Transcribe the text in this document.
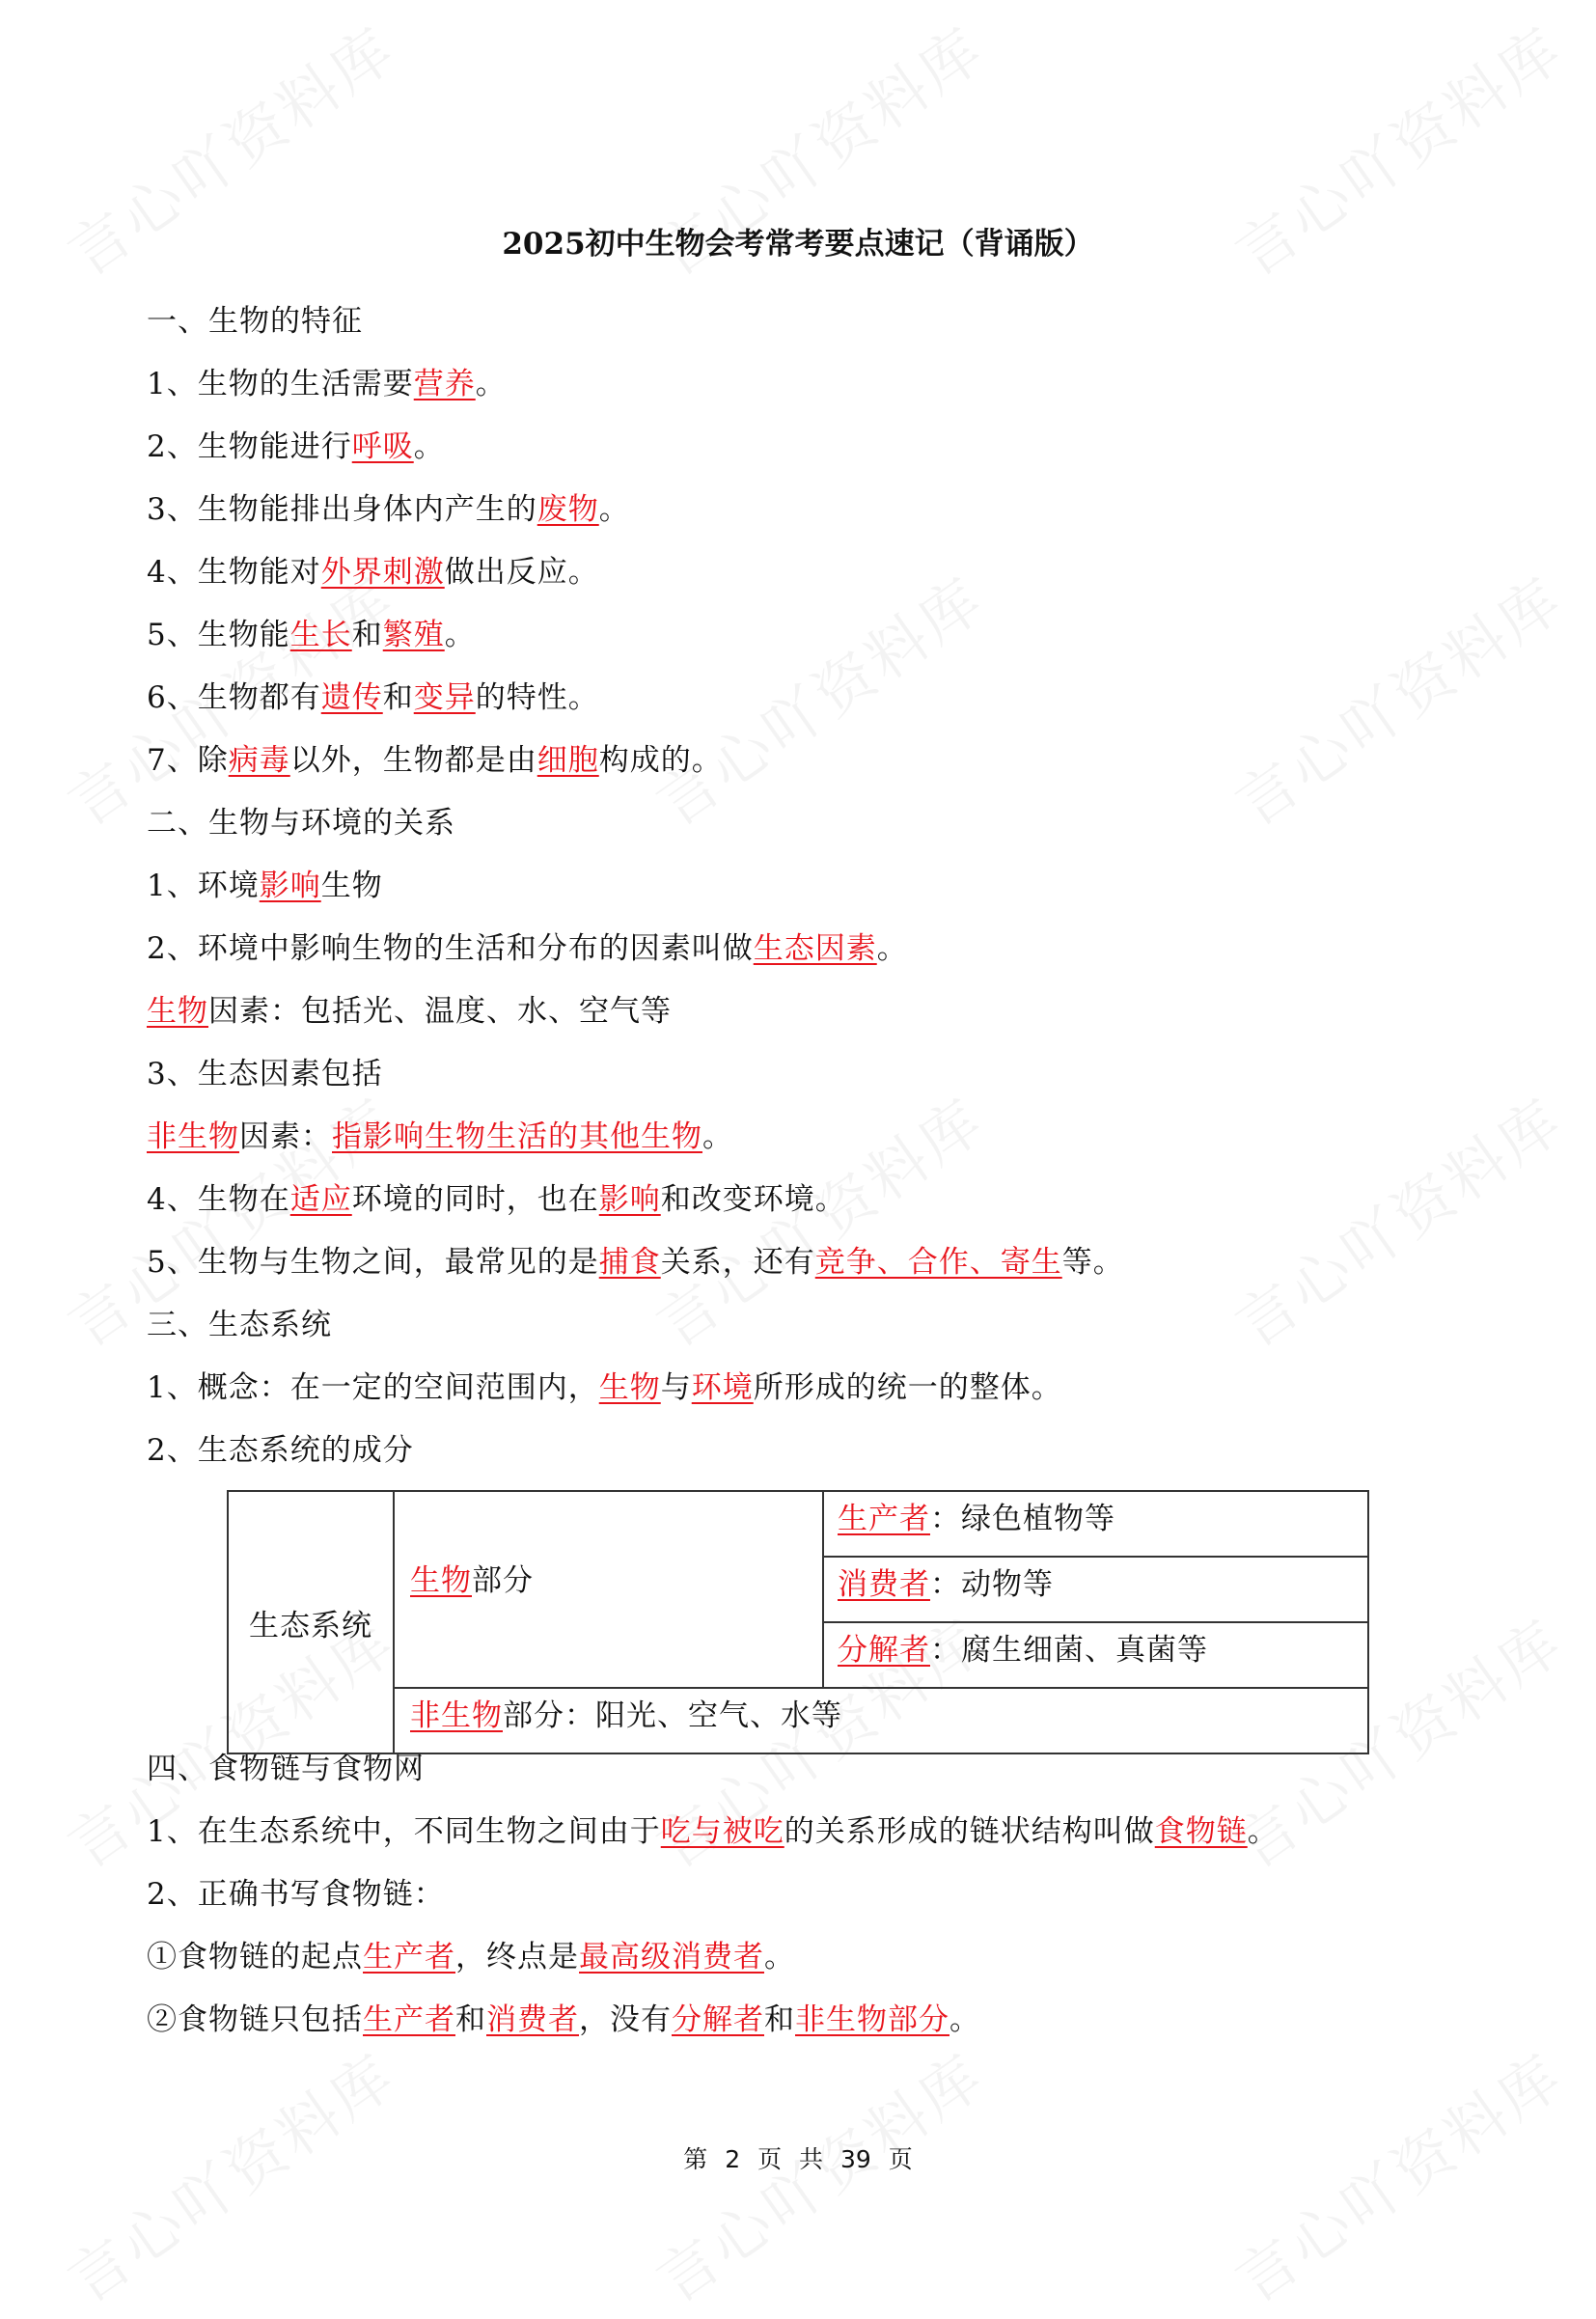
2025初中生物会考常考要点速记（背诵版）
一、生物的特征
1、生物的生活需要营养。
2、生物能进行呼吸。
3、生物能排出身体内产生的废物。
4、生物能对外界刺激做出反应。
5、生物能生长和繁殖。
6、生物都有遗传和变异的特性。
7、除病毒以外，生物都是由细胞构成的。
二、生物与环境的关系
1、环境影响生物
2、环境中影响生物的生活和分布的因素叫做生态因素。
生物因素：包括光、温度、水、空气等
3、生态因素包括
非生物因素：指影响生物生活的其他生物。
4、生物在适应环境的同时，也在影响和改变环境。
5、生物与生物之间，最常见的是捕食关系，还有竞争、合作、寄生等。
三、生态系统
1、概念：在一定的空间范围内，生物与环境所形成的统一的整体。
2、生态系统的成分
四、食物链与食物网
1、在生态系统中，不同生物之间由于吃与被吃的关系形成的链状结构叫做食物链。
2、正确书写食物链：
①食物链的起点生产者，终点是最高级消费者。
②食物链只包括生产者和消费者，没有分解者和非生物部分。
生态系统	生物部分	生产者：绿色植物等
消费者：动物等
分解者：腐生细菌、真菌等
非生物部分：阳光、空气、水等
第 2 页 共 39 页
